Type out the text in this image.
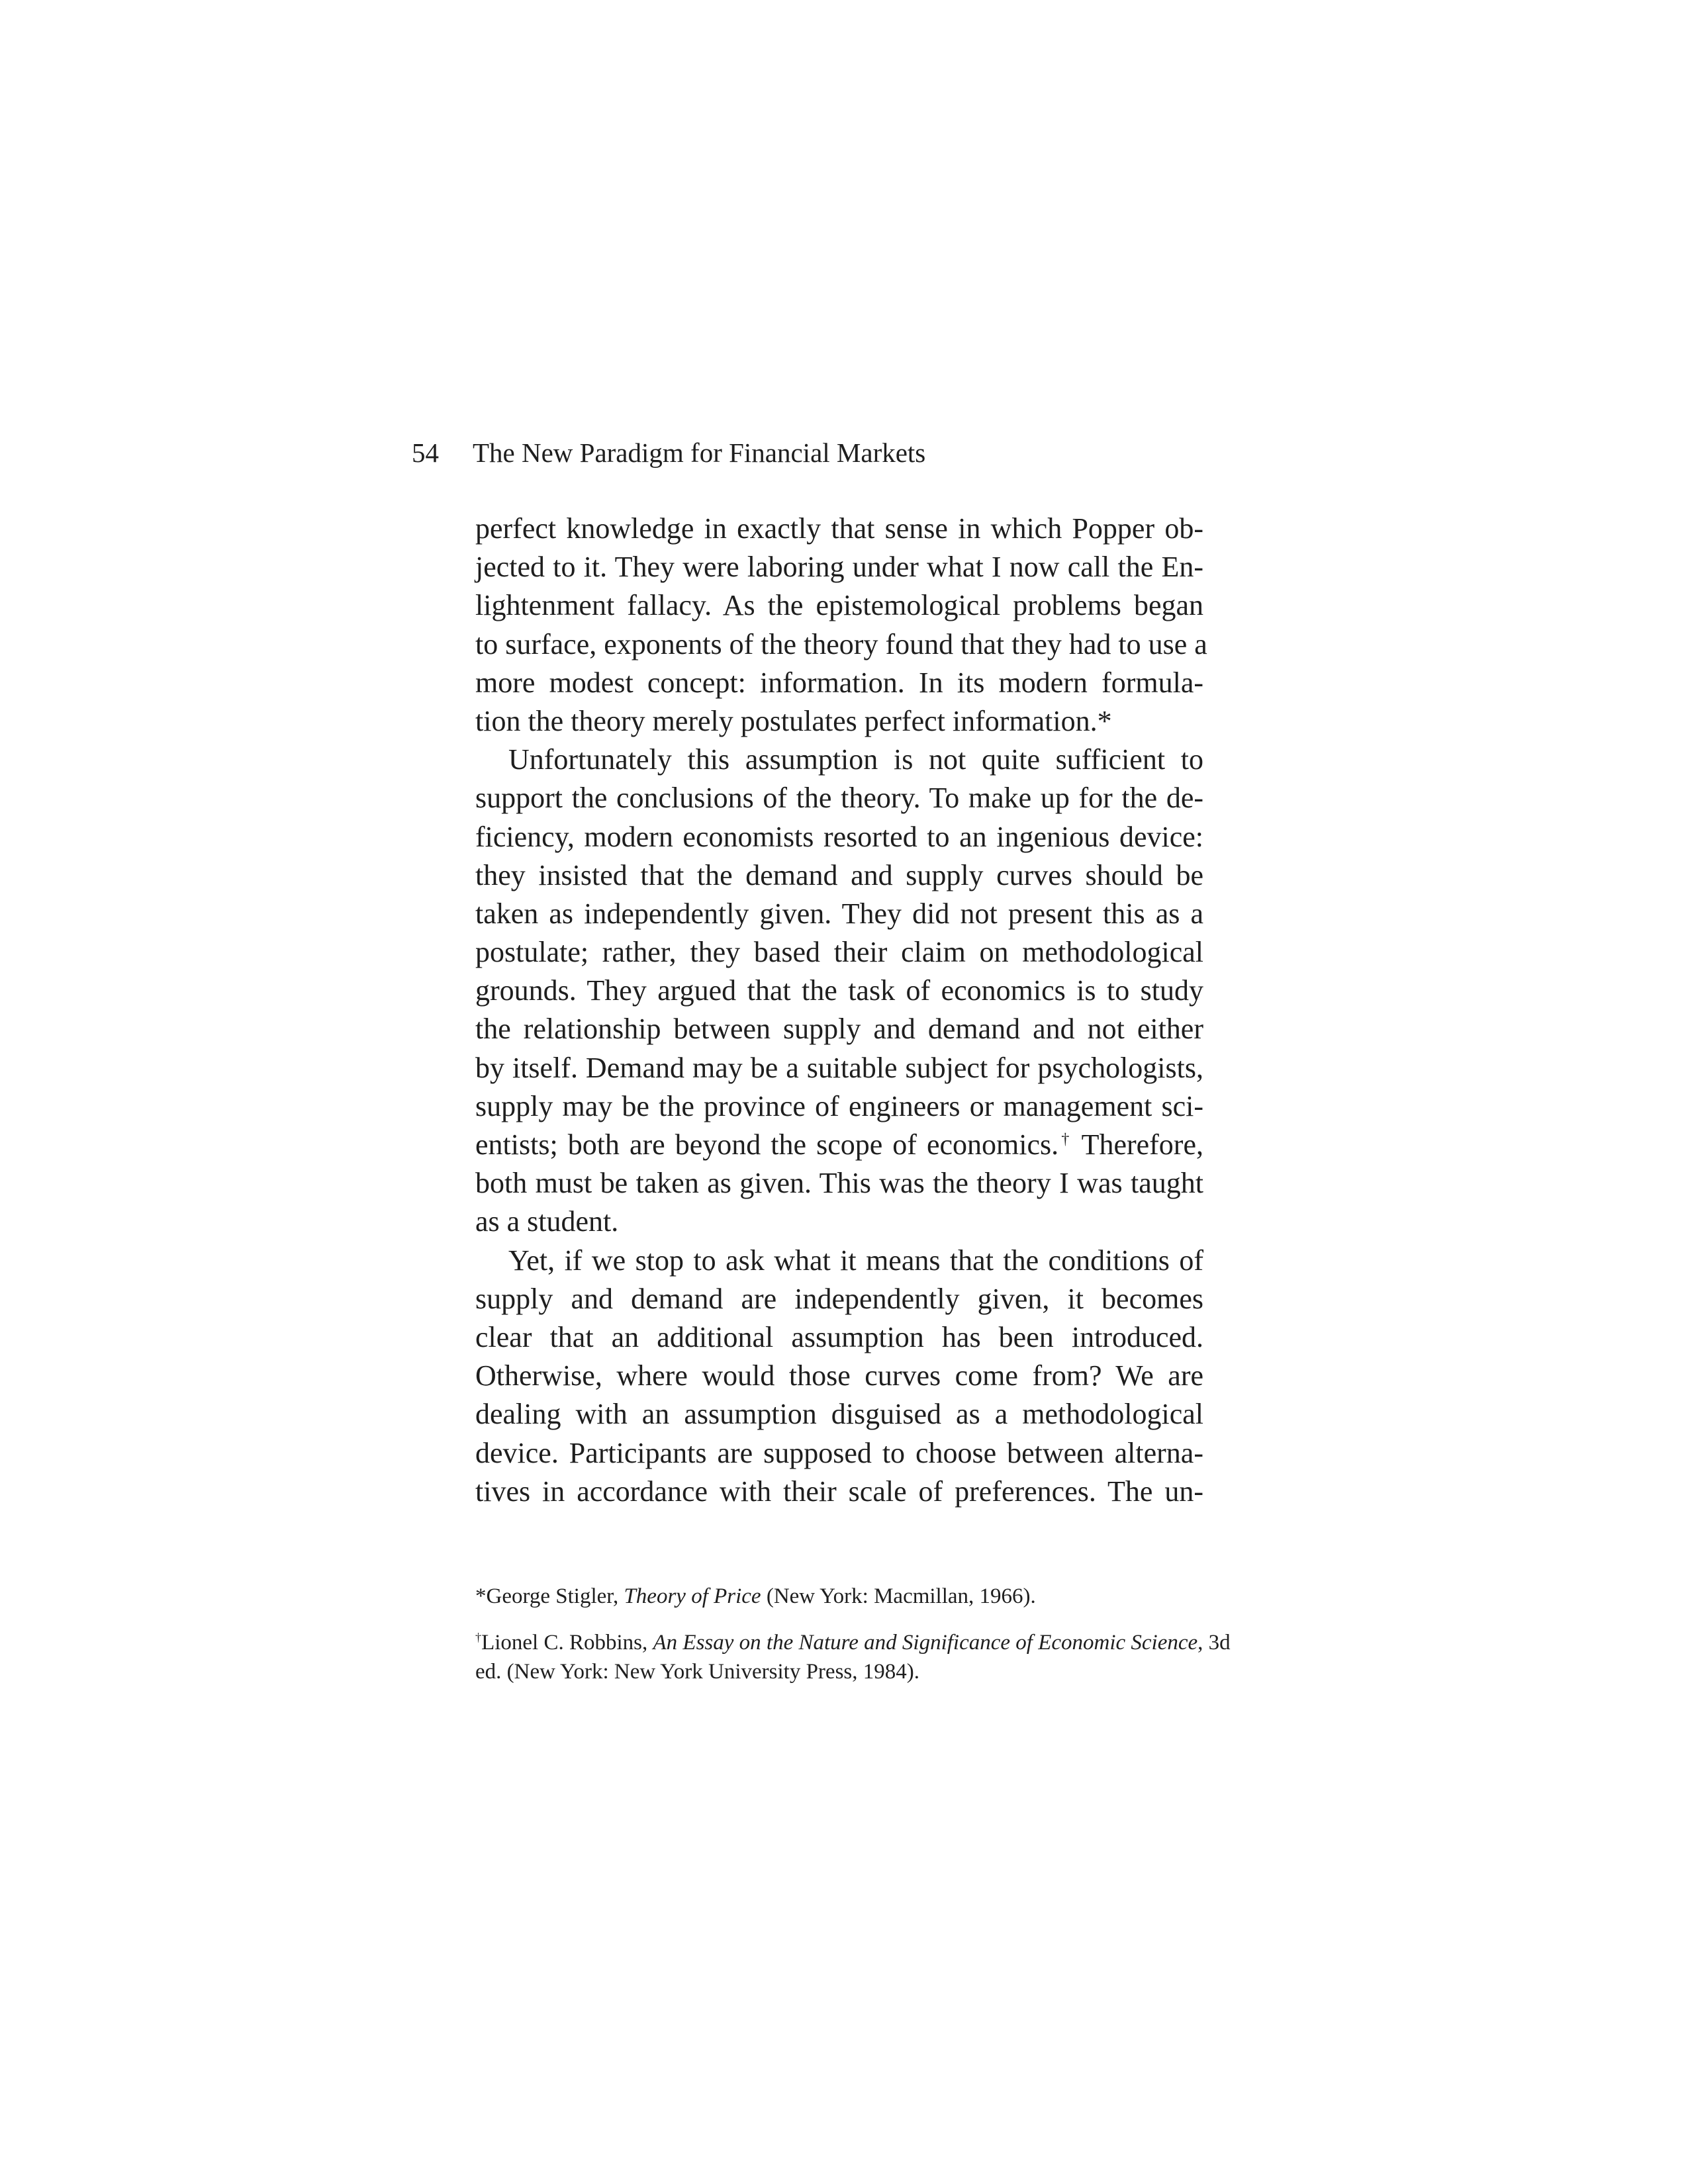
54 The New Paradigm for Financial Markets
perfect knowledge in exactly that sense in which Popper ob-
jected to it. They were laboring under what I now call the En-
lightenment fallacy. As the epistemological problems began
to surface, exponents of the theory found that they had to use a
more modest concept: information. In its modern formula-
tion the theory merely postulates perfect information.*
Unfortunately this assumption is not quite sufficient to
support the conclusions of the theory. To make up for the de-
ficiency, modern economists resorted to an ingenious device:
they insisted that the demand and supply curves should be
taken as independently given. They did not present this as a
postulate; rather, they based their claim on methodological
grounds. They argued that the task of economics is to study
the relationship between supply and demand and not either
by itself. Demand may be a suitable subject for psychologists,
supply may be the province of engineers or management sci-
entists; both are beyond the scope of economics.† Therefore,
both must be taken as given. This was the theory I was taught
as a student.
Yet, if we stop to ask what it means that the conditions of
supply and demand are independently given, it becomes
clear that an additional assumption has been introduced.
Otherwise, where would those curves come from? We are
dealing with an assumption disguised as a methodological
device. Participants are supposed to choose between alterna-
tives in accordance with their scale of preferences. The un-
*George Stigler, Theory of Price (New York: Macmillan, 1966).
†Lionel C. Robbins, An Essay on the Nature and Significance of Economic Science, 3d
ed. (New York: New York University Press, 1984).
